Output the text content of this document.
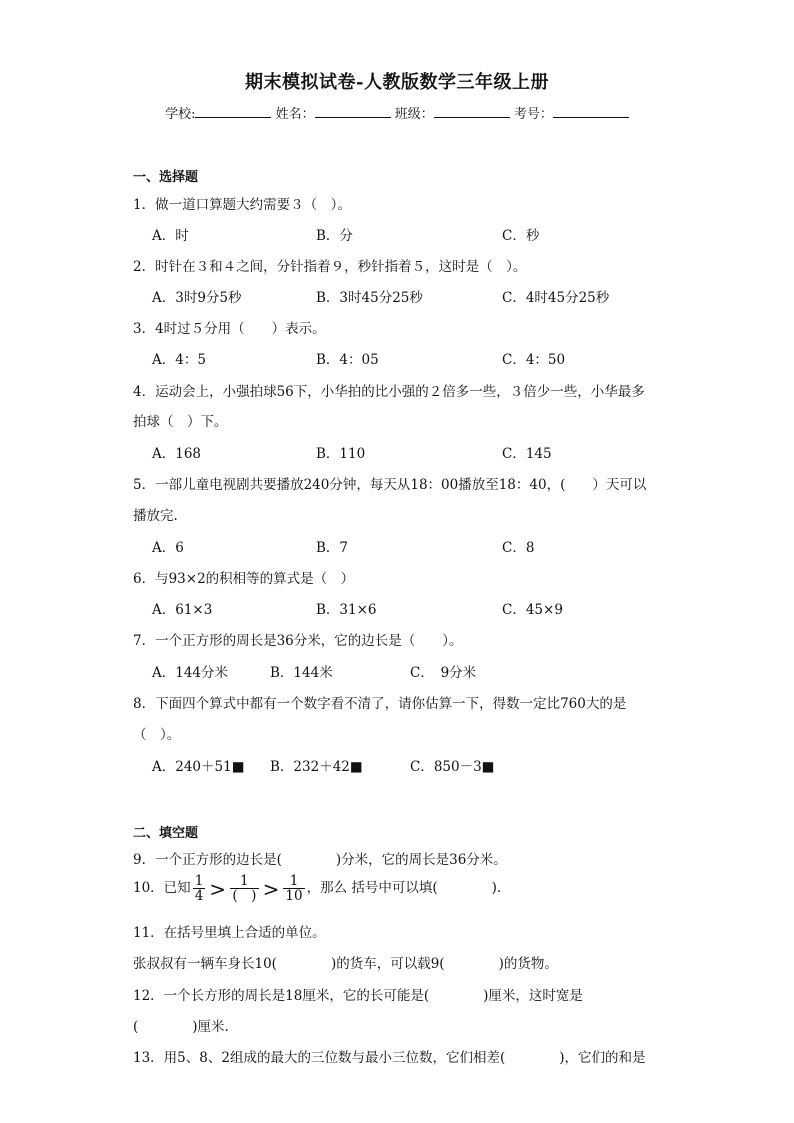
期末模拟试卷-人教版数学三年级上册
学校:	姓名：	班级：	考号：
一、选择题
1．做一道口算题大约需要３（　）。
A．时	B．分	C．秒
2．时针在３和４之间，分针指着９，秒针指着５，这时是（　）。
A．3时9分5秒	B．3时45分25秒	C．4时45分25秒
3．4时过５分用（　　）表示。
A．4：5	B．4：05	C．4：50
4．运动会上，小强拍球56下，小华拍的比小强的２倍多一些，３倍少一些，小华最多
拍球（　）下。
A．168	B．110	C．145
5．一部儿童电视剧共要播放240分钟，每天从18：00播放至18：40，(　　）天可以
播放完.
A．6	B．7	C．8
6．与93×2的积相等的算式是（　）
A．61×3	B．31×6	C．45×9
7．一个正方形的周长是36分米，它的边长是（　　）。
A．144分米	B．144米	C．　9分米
8．下面四个算式中都有一个数字看不清了，请你估算一下，得数一定比760大的是
（　）。
A．240＋51■ B．232＋42■	C．850－3■
二、填空题
9．一个正方形的边长是(　　　　)分米，它的周长是36分米。
10．已知 $\frac{1}{4} > \frac{1}{( )} > \frac{1}{10}$ ，那么 括号中可以填(　　　　).
11．在括号里填上合适的单位。
张叔叔有一辆车身长10(　　　　)的货车，可以载9(　　　　)的货物。
12．一个长方形的周长是18厘米，它的长可能是(　　　　)厘米，这时宽是
(　　　　)厘米.
13．用5、8、2组成的最大的三位数与最小三位数，它们相差(　　　　)，它们的和是
